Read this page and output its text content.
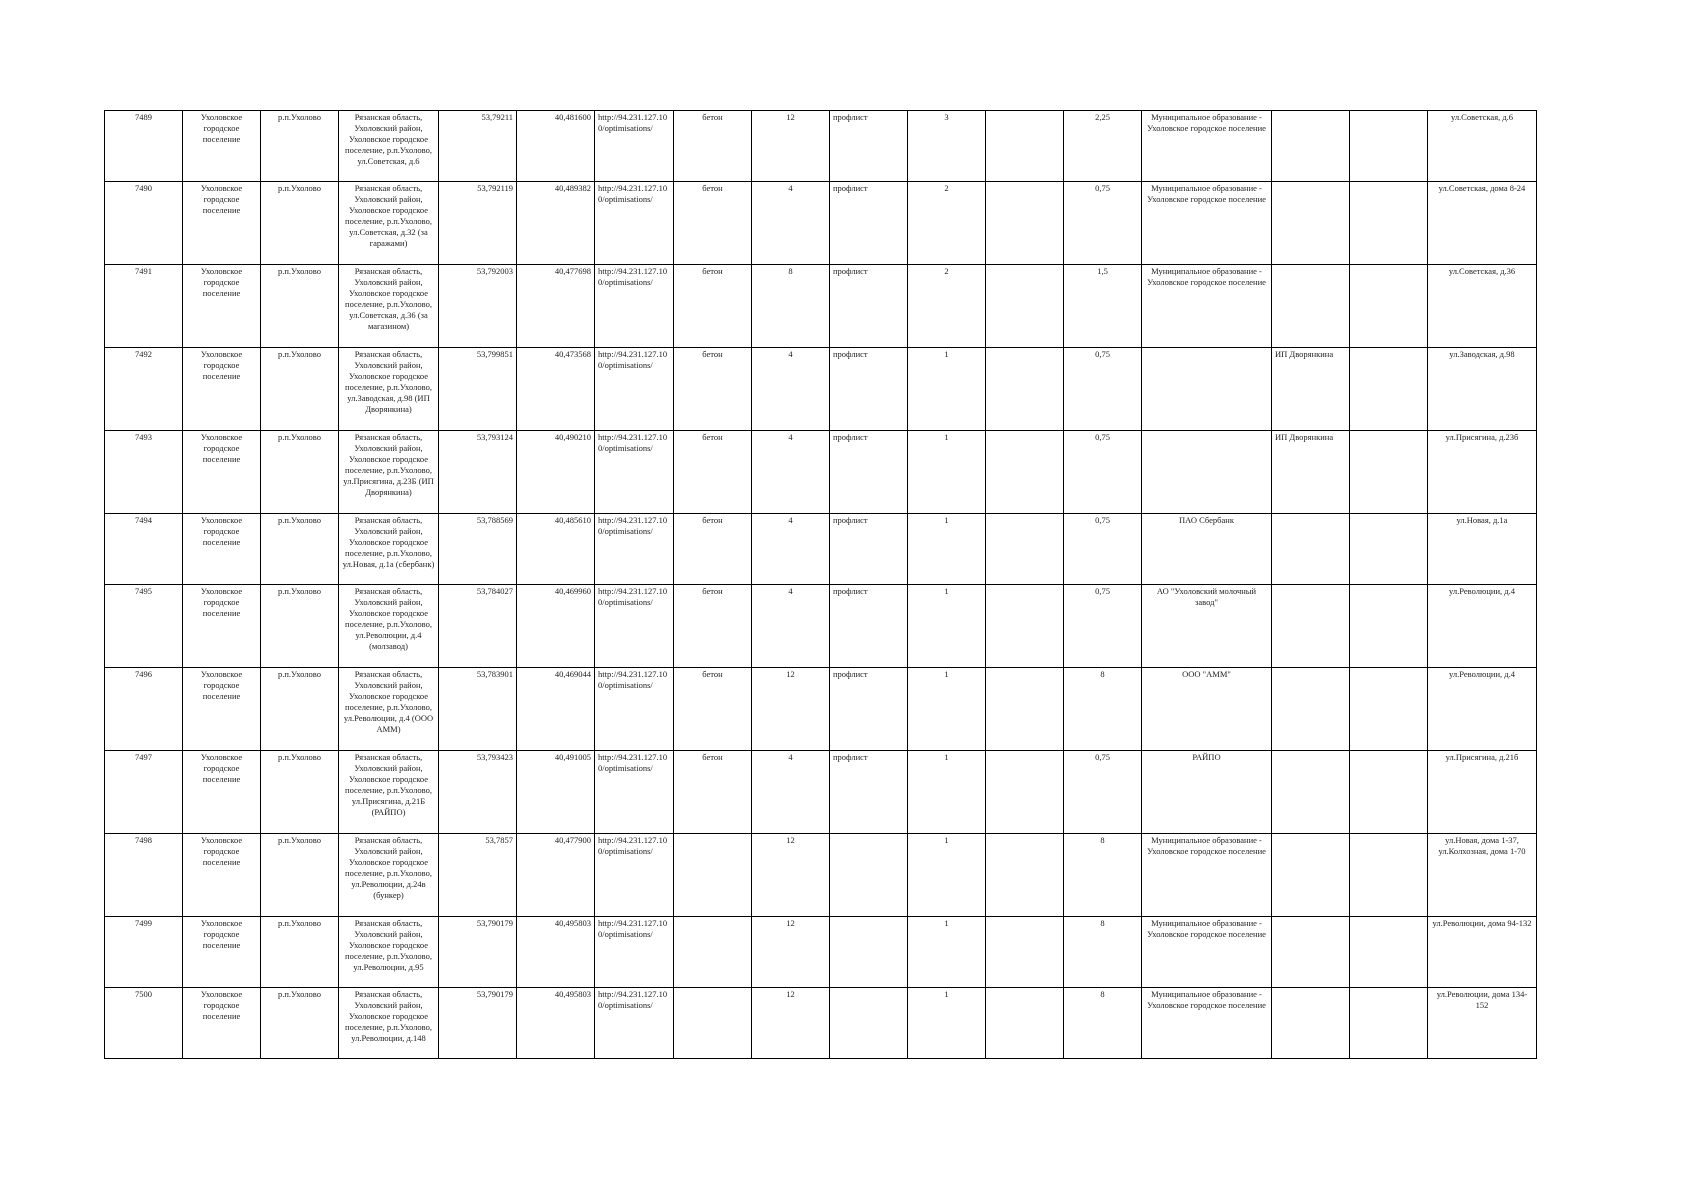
7489	Ухоловское городское поселение	р.п.Ухолово	Рязанская область, Ухоловский район, Ухоловское городское поселение, р.п.Ухолово, ул.Советская, д.6	53,79211	40,481600	http://94.231.127.100/optimisations/	бетон	12	профлист	3		2,25	Муниципальное образование - Ухоловское городское поселение			ул.Советская, д.6
7490	Ухоловское городское поселение	р.п.Ухолово	Рязанская область, Ухоловский район, Ухоловское городское поселение, р.п.Ухолово, ул.Советская, д.32 (за гаражами)	53,792119	40,489382	http://94.231.127.100/optimisations/	бетон	4	профлист	2		0,75	Муниципальное образование - Ухоловское городское поселение			ул.Советская, дома 8-24
7491	Ухоловское городское поселение	р.п.Ухолово	Рязанская область, Ухоловский район, Ухоловское городское поселение, р.п.Ухолово, ул.Советская, д.36 (за магазином)	53,792003	40,477698	http://94.231.127.100/optimisations/	бетон	8	профлист	2		1,5	Муниципальное образование - Ухоловское городское поселение			ул.Советская, д.36
7492	Ухоловское городское поселение	р.п.Ухолово	Рязанская область, Ухоловский район, Ухоловское городское поселение, р.п.Ухолово, ул.Заводская, д.98 (ИП Дворянкина)	53,799851	40,473568	http://94.231.127.100/optimisations/	бетон	4	профлист	1		0,75		ИП Дворянкина		ул.Заводская, д.98
7493	Ухоловское городское поселение	р.п.Ухолово	Рязанская область, Ухоловский район, Ухоловское городское поселение, р.п.Ухолово, ул.Присягина, д.23Б (ИП Дворянкина)	53,793124	40,490210	http://94.231.127.100/optimisations/	бетон	4	профлист	1		0,75		ИП Дворянкина		ул.Присягина, д.23б
7494	Ухоловское городское поселение	р.п.Ухолово	Рязанская область, Ухоловский район, Ухоловское городское поселение, р.п.Ухолово, ул.Новая, д.1а (сбербанк)	53,788569	40,485610	http://94.231.127.100/optimisations/	бетон	4	профлист	1		0,75	ПАО Сбербанк			ул.Новая, д.1а
7495	Ухоловское городское поселение	р.п.Ухолово	Рязанская область, Ухоловский район, Ухоловское городское поселение, р.п.Ухолово, ул.Революции, д.4 (молзавод)	53,784027	40,469960	http://94.231.127.100/optimisations/	бетон	4	профлист	1		0,75	АО "Ухоловский молочный завод"			ул.Революции, д.4
7496	Ухоловское городское поселение	р.п.Ухолово	Рязанская область, Ухоловский район, Ухоловское городское поселение, р.п.Ухолово, ул.Революции, д.4 (ООО АММ)	53,783901	40,469044	http://94.231.127.100/optimisations/	бетон	12	профлист	1		8	ООО "АММ"			ул.Революции, д.4
7497	Ухоловское городское поселение	р.п.Ухолово	Рязанская область, Ухоловский район, Ухоловское городское поселение, р.п.Ухолово, ул.Присягина, д.21Б (РАЙПО)	53,793423	40,491005	http://94.231.127.100/optimisations/	бетон	4	профлист	1		0,75	РАЙПО			ул.Присягина, д.21б
7498	Ухоловское городское поселение	р.п.Ухолово	Рязанская область, Ухоловский район, Ухоловское городское поселение, р.п.Ухолово, ул.Революции, д.24в (бункер)	53,7857	40,477900	http://94.231.127.100/optimisations/		12		1		8	Муниципальное образование - Ухоловское городское поселение			ул.Новая, дома 1-37, ул.Колхозная, дома 1-70
7499	Ухоловское городское поселение	р.п.Ухолово	Рязанская область, Ухоловский район, Ухоловское городское поселение, р.п.Ухолово, ул.Революции, д.95	53,790179	40,495803	http://94.231.127.100/optimisations/		12		1		8	Муниципальное образование - Ухоловское городское поселение			ул.Революции, дома 94-132
7500	Ухоловское городское поселение	р.п.Ухолово	Рязанская область, Ухоловский район, Ухоловское городское поселение, р.п.Ухолово, ул.Революции, д.148	53,790179	40,495803	http://94.231.127.100/optimisations/		12		1		8	Муниципальное образование - Ухоловское городское поселение			ул.Революции, дома 134-152
